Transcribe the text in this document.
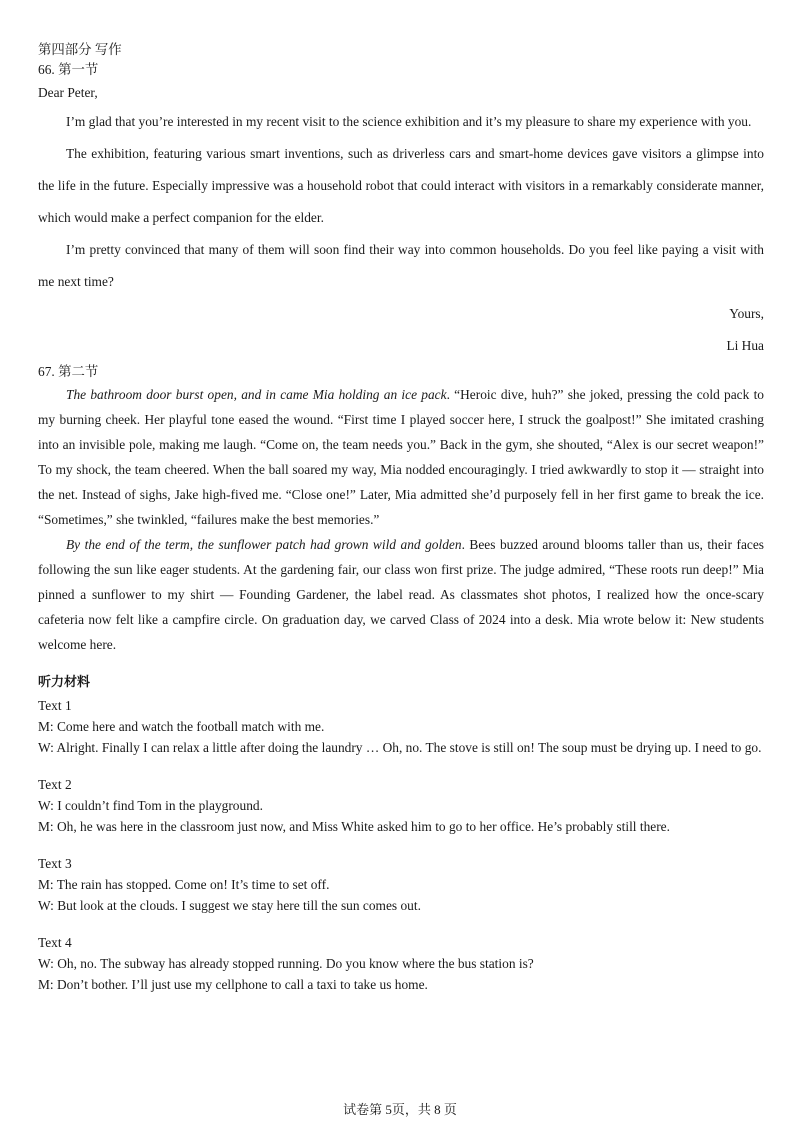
第四部分 写作
66. 第一节
Dear Peter,
I’m glad that you’re interested in my recent visit to the science exhibition and it’s my pleasure to share my experience with you.
The exhibition, featuring various smart inventions, such as driverless cars and smart-home devices gave visitors a glimpse into the life in the future. Especially impressive was a household robot that could interact with visitors in a remarkably considerate manner, which would make a perfect companion for the elder.
I’m pretty convinced that many of them will soon find their way into common households. Do you feel like paying a visit with me next time?
Yours,
Li Hua
67. 第二节
The bathroom door burst open, and in came Mia holding an ice pack. “Heroic dive, huh?” she joked, pressing the cold pack to my burning cheek. Her playful tone eased the wound. “First time I played soccer here, I struck the goalpost!” She imitated crashing into an invisible pole, making me laugh. “Come on, the team needs you.” Back in the gym, she shouted, “Alex is our secret weapon!” To my shock, the team cheered. When the ball soared my way, Mia nodded encouragingly. I tried awkwardly to stop it — straight into the net. Instead of sighs, Jake high-fived me. “Close one!” Later, Mia admitted she’d purposely fell in her first game to break the ice. “Sometimes,” she twinkled, “failures make the best memories.”
By the end of the term, the sunflower patch had grown wild and golden. Bees buzzed around blooms taller than us, their faces following the sun like eager students. At the gardening fair, our class won first prize. The judge admired, “These roots run deep!” Mia pinned a sunflower to my shirt — Founding Gardener, the label read. As classmates shot photos, I realized how the once-scary cafeteria now felt like a campfire circle. On graduation day, we carved Class of 2024 into a desk. Mia wrote below it: New students welcome here.
听力材料
Text 1
M: Come here and watch the football match with me.
W: Alright. Finally I can relax a little after doing the laundry … Oh, no. The stove is still on! The soup must be drying up. I need to go.
Text 2
W: I couldn’t find Tom in the playground.
M: Oh, he was here in the classroom just now, and Miss White asked him to go to her office. He’s probably still there.
Text 3
M: The rain has stopped. Come on! It’s time to set off.
W: But look at the clouds. I suggest we stay here till the sun comes out.
Text 4
W: Oh, no. The subway has already stopped running. Do you know where the bus station is?
M: Don’t bother. I’ll just use my cellphone to call a taxi to take us home.
试卷第 5页，共 8 页
